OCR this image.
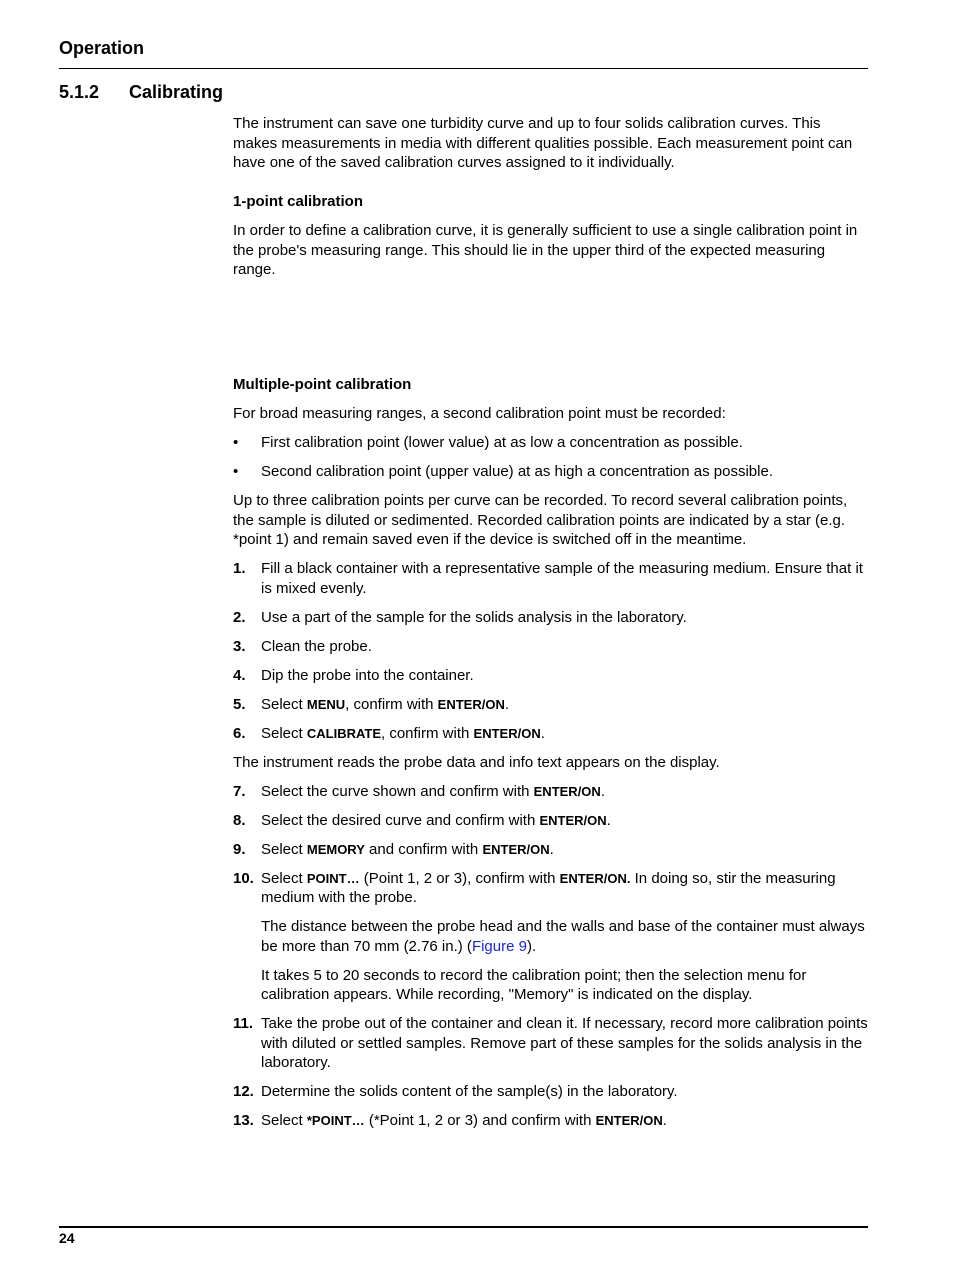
Operation
5.1.2 Calibrating

The instrument can save one turbidity curve and up to four solids calibration curves. This makes measurements in media with different qualities possible. Each measurement point can have one of the saved calibration curves assigned to it individually.

1-point calibration

In order to define a calibration curve, it is generally sufficient to use a single calibration point in the probe's measuring range. This should lie in the upper third of the expected measuring range.

Multiple-point calibration

For broad measuring ranges, a second calibration point must be recorded:

•	First calibration point (lower value) at as low a concentration as possible.
•	Second calibration point (upper value) at as high a concentration as possible.

Up to three calibration points per curve can be recorded. To record several calibration points, the sample is diluted or sedimented. Recorded calibration points are indicated by a star (e.g. *point 1) and remain saved even if the device is switched off in the meantime.

1.	Fill a black container with a representative sample of the measuring medium. Ensure that it is mixed evenly.
2.	Use a part of the sample for the solids analysis in the laboratory.
3.	Clean the probe.
4.	Dip the probe into the container.
5.	Select MENU, confirm with ENTER/ON.
6.	Select CALIBRATE, confirm with ENTER/ON.

The instrument reads the probe data and info text appears on the display.

7.	Select the curve shown and confirm with ENTER/ON.
8.	Select the desired curve and confirm with ENTER/ON.
9.	Select MEMORY and confirm with ENTER/ON.
10. Select POINT… (Point 1, 2 or 3), confirm with ENTER/ON. In doing so, stir the measuring medium with the probe.

The distance between the probe head and the walls and base of the container must always be more than 70 mm (2.76 in.) (Figure 9).

It takes 5 to 20 seconds to record the calibration point; then the selection menu for calibration appears. While recording, "Memory" is indicated on the display.

11. Take the probe out of the container and clean it. If necessary, record more calibration points with diluted or settled samples. Remove part of these samples for the solids analysis in the laboratory.
12. Determine the solids content of the sample(s) in the laboratory.
13. Select *POINT… (*Point 1, 2 or 3) and confirm with ENTER/ON.
24
